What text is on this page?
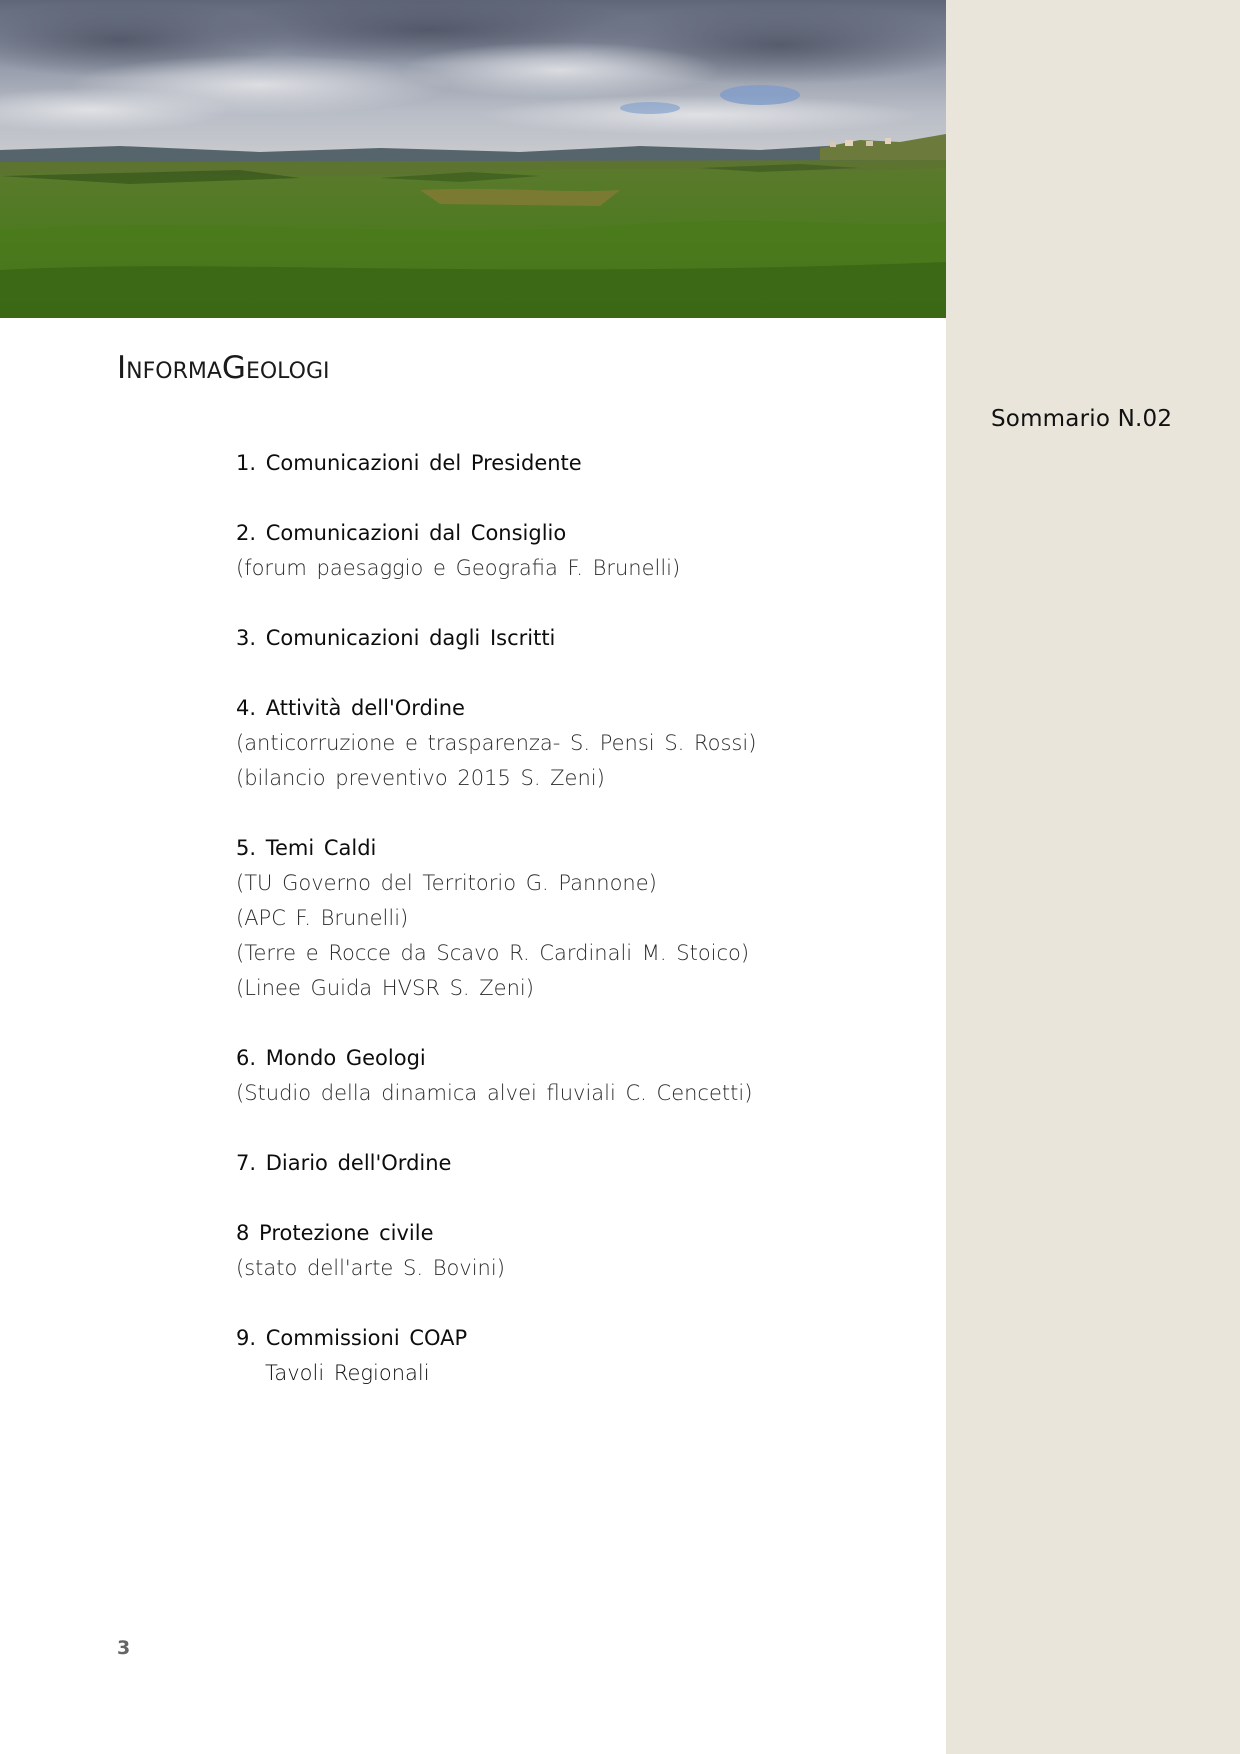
INFORMAGEOLOGI
Sommario N.02
1. Comunicazioni del Presidente
2. Comunicazioni dal Consiglio
(forum paesaggio e Geografia F. Brunelli)
3. Comunicazioni dagli Iscritti
4. Attività dell'Ordine
(anticorruzione e trasparenza- S. Pensi S. Rossi)
(bilancio preventivo 2015 S. Zeni)
5. Temi Caldi
(TU Governo del Territorio G. Pannone)
(APC F. Brunelli)
(Terre e Rocce da Scavo R. Cardinali M. Stoico)
(Linee Guida HVSR S. Zeni)
6. Mondo Geologi
(Studio della dinamica alvei fluviali C. Cencetti)
7. Diario dell'Ordine
8 Protezione civile
(stato dell'arte S. Bovini)
9. Commissioni COAP
Tavoli Regionali
3
